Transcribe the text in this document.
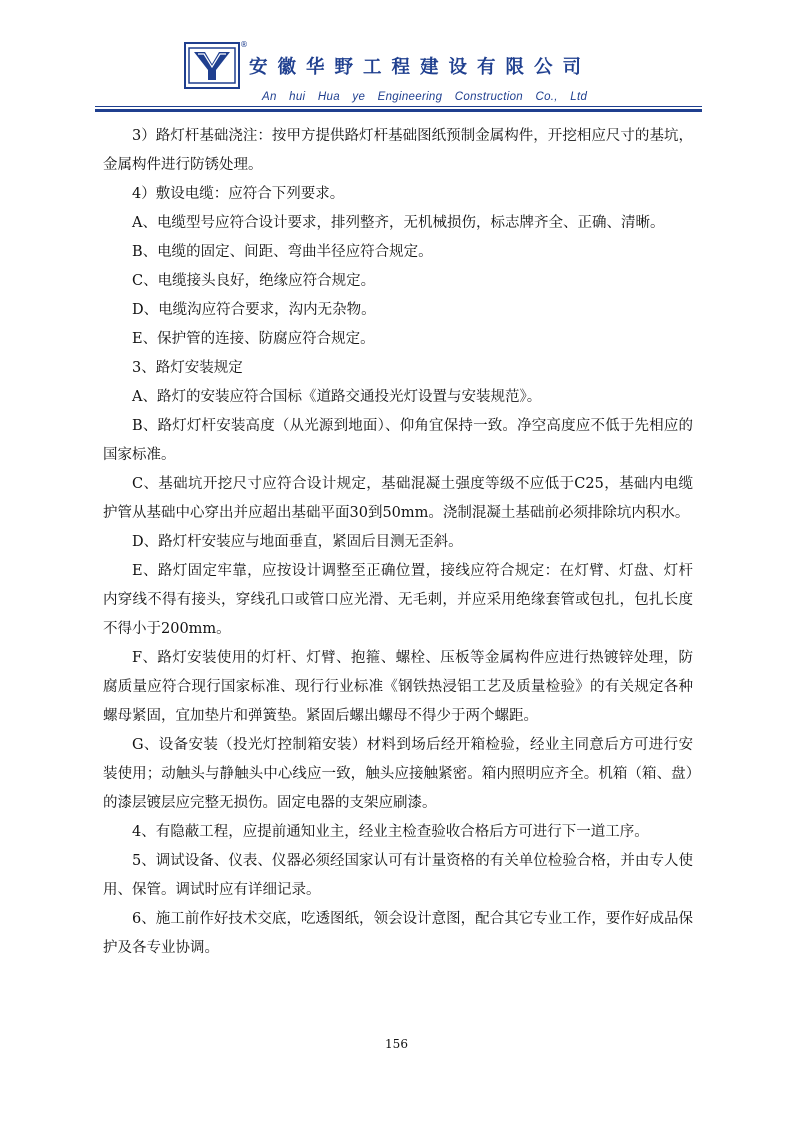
®
安徽华野工程建设有限公司
An hui Hua ye Engineering Construction Co., Ltd

3）路灯杆基础浇注：按甲方提供路灯杆基础图纸预制金属构件，开挖相应尺寸的基坑，金属构件进行防锈处理。

4）敷设电缆：应符合下列要求。

A、电缆型号应符合设计要求，排列整齐，无机械损伤，标志牌齐全、正确、清晰。

B、电缆的固定、间距、弯曲半径应符合规定。

C、电缆接头良好，绝缘应符合规定。

D、电缆沟应符合要求，沟内无杂物。

E、保护管的连接、防腐应符合规定。

3、路灯安装规定

A、路灯的安装应符合国标《道路交通投光灯设置与安装规范》。

B、路灯灯杆安装高度（从光源到地面）、仰角宜保持一致。净空高度应不低于先相应的国家标准。

C、基础坑开挖尺寸应符合设计规定，基础混凝土强度等级不应低于C25，基础内电缆护管从基础中心穿出并应超出基础平面30到50mm。浇制混凝土基础前必须排除坑内积水。

D、路灯杆安装应与地面垂直，紧固后目测无歪斜。

E、路灯固定牢靠，应按设计调整至正确位置，接线应符合规定：在灯臂、灯盘、灯杆内穿线不得有接头，穿线孔口或管口应光滑、无毛刺，并应采用绝缘套管或包扎，包扎长度不得小于200mm。

F、路灯安装使用的灯杆、灯臂、抱箍、螺栓、压板等金属构件应进行热镀锌处理，防腐质量应符合现行国家标准、现行行业标准《钢铁热浸铝工艺及质量检验》的有关规定各种螺母紧固，宜加垫片和弹簧垫。紧固后螺出螺母不得少于两个螺距。

G、设备安装（投光灯控制箱安装）材料到场后经开箱检验，经业主同意后方可进行安装使用；动触头与静触头中心线应一致，触头应接触紧密。箱内照明应齐全。机箱（箱、盘）的漆层镀层应完整无损伤。固定电器的支架应刷漆。

4、有隐蔽工程，应提前通知业主，经业主检查验收合格后方可进行下一道工序。

5、调试设备、仪表、仪器必须经国家认可有计量资格的有关单位检验合格，并由专人使用、保管。调试时应有详细记录。

6、施工前作好技术交底，吃透图纸，领会设计意图，配合其它专业工作，要作好成品保护及各专业协调。

156
